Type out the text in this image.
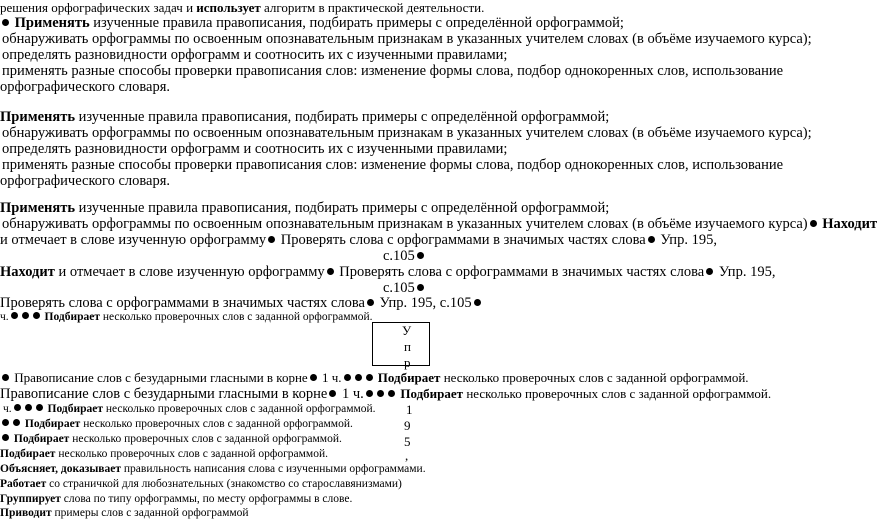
решения орфографических задач и использует алгоритм в практической деятельности.
Применять изученные правила правописания, подбирать примеры с определённой орфограммой;
обнаруживать орфограммы по освоенным опознавательным признакам в указанных учителем словах (в объёме изучаемого курса);
определять разновидности орфограмм и соотносить их с изученными правилами;
применять разные способы проверки правописания слов: изменение формы слова, подбор однокоренных слов, использование
орфографического словаря.
Применять изученные правила правописания, подбирать примеры с определённой орфограммой;
обнаруживать орфограммы по освоенным опознавательным признакам в указанных учителем словах (в объёме изучаемого курса);
определять разновидности орфограмм и соотносить их с изученными правилами;
применять разные способы проверки правописания слов: изменение формы слова, подбор однокоренных слов, использование
орфографического словаря.
Применять изученные правила правописания, подбирать примеры с определённой орфограммой;
обнаруживать орфограммы по освоенным опознавательным признакам в указанных учителем словах (в объёме изучаемого курса) Находит
и отмечает в слове изученную орфограмму Проверять слова с орфограммами в значимых частях слова Упр. 195,
с.105
Находит и отмечает в слове изученную орфограмму Проверять слова с орфограммами в значимых частях слова Упр. 195,
с.105
Проверять слова с орфограммами в значимых частях слова Упр. 195, с.105
ч.	Подбирает несколько проверочных слов с заданной орфограммой.
У
п
р
Правописание слов с безударными гласными в корне 1 ч.	Подбирает несколько проверочных слов с заданной орфограммой.
Правописание слов с безударными гласными в корне 1 ч.	Подбирает несколько проверочных слов с заданной орфограммой.
ч.	Подбирает несколько проверочных слов с заданной орфограммой.
Подбирает несколько проверочных слов с заданной орфограммой.
Подбирает несколько проверочных слов с заданной орфограммой.
Подбирает несколько проверочных слов с заданной орфограммой.
1
9
5
,
Объясняет, доказывает правильность написания слова с изученными орфограммами.
Работает со страничкой для любознательных (знакомство со старославянизмами)
Группирует слова по типу орфограммы, по месту орфограммы в слове.
Приводит примеры слов с заданной орфограммой
